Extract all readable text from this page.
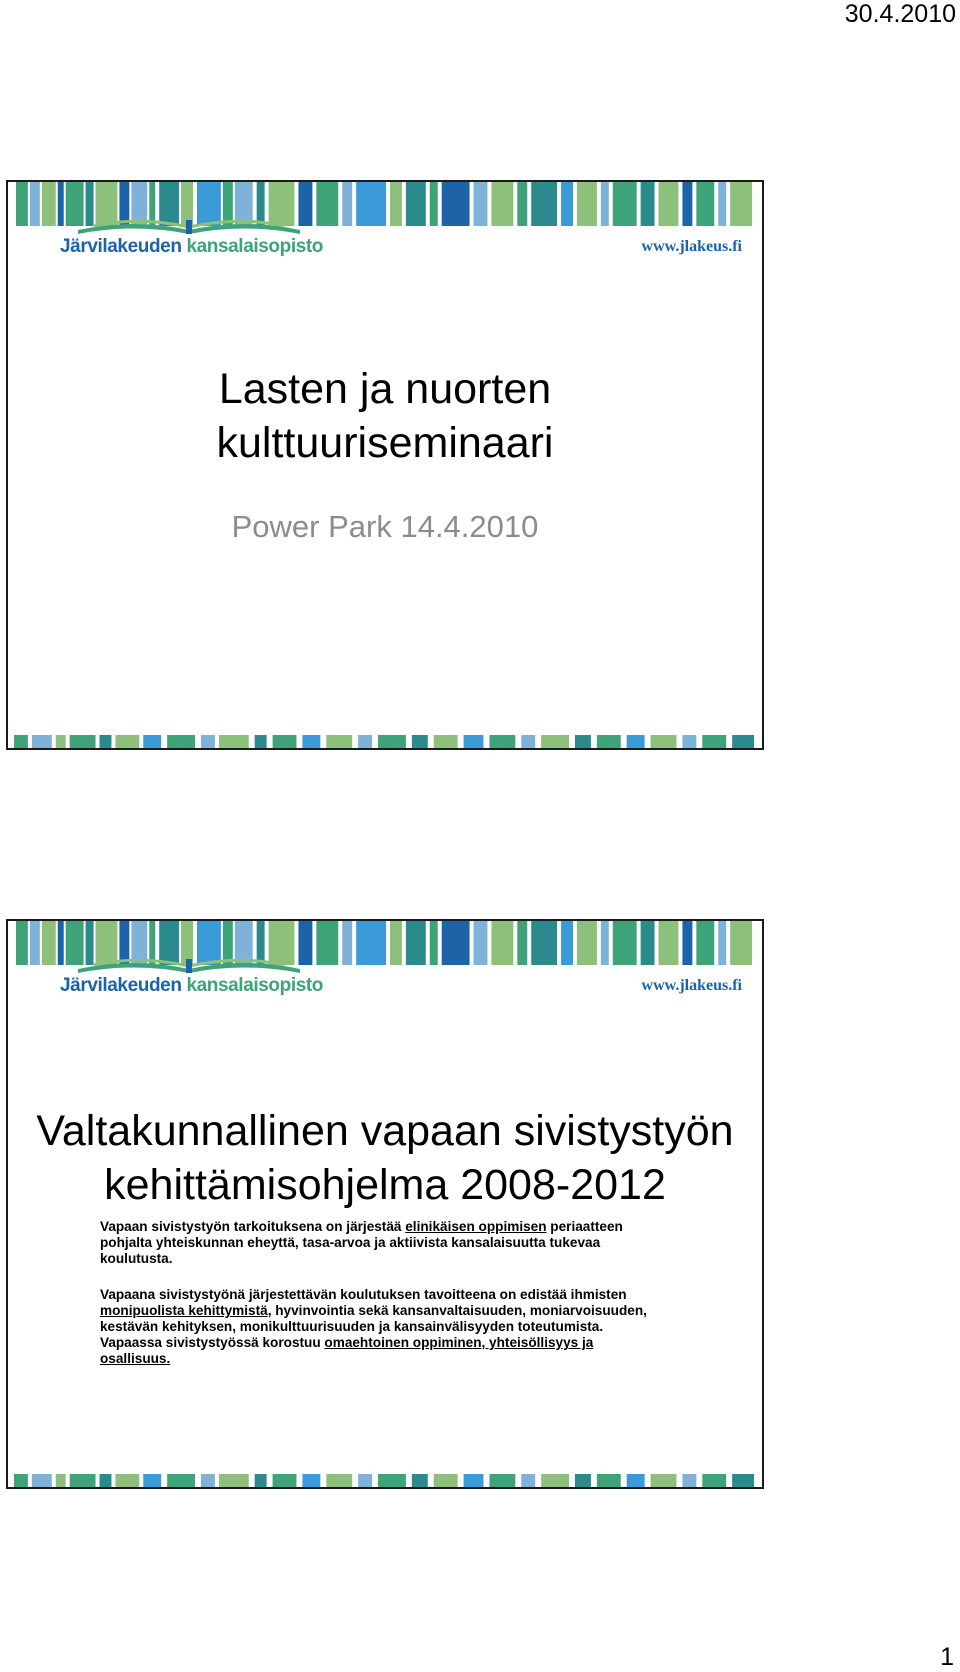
30.4.2010
Järvilakeuden kansalaisopisto	www.jlakeus.fi
Lasten ja nuorten
kulttuuriseminaari
Power Park 14.4.2010
Järvilakeuden kansalaisopisto	www.jlakeus.fi
Valtakunnallinen vapaan sivistystyön
kehittämisohjelma 2008-2012
Vapaan sivistystyön tarkoituksena on järjestää elinikäisen oppimisen periaatteen pohjalta yhteiskunnan eheyttä, tasa-arvoa ja aktiivista kansalaisuutta tukevaa koulutusta.
Vapaana sivistystyönä järjestettävän koulutuksen tavoitteena on edistää ihmisten monipuolista kehittymistä, hyvinvointia sekä kansanvaltaisuuden, moniarvoisuuden, kestävän kehityksen, monikulttuurisuuden ja kansainvälisyyden toteutumista. Vapaassa sivistystyössä korostuu omaehtoinen oppiminen, yhteisöllisyys ja osallisuus.
1
